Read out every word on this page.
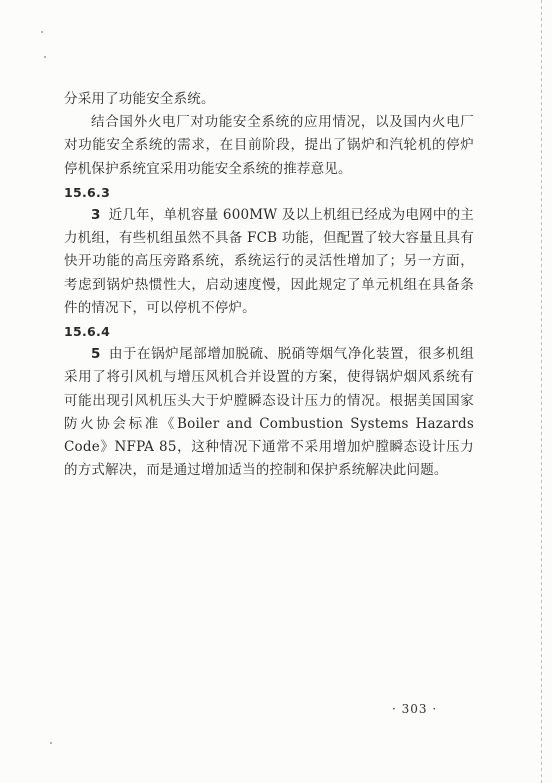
分采用了功能安全系统。

结合国外火电厂对功能安全系统的应用情况，以及国内火电厂对功能安全系统的需求，在目前阶段，提出了锅炉和汽轮机的停炉停机保护系统宜采用功能安全系统的推荐意见。

15.6.3

3 近几年，单机容量 600MW 及以上机组已经成为电网中的主力机组，有些机组虽然不具备 FCB 功能，但配置了较大容量且具有快开功能的高压旁路系统，系统运行的灵活性增加了；另一方面，考虑到锅炉热惯性大，启动速度慢，因此规定了单元机组在具备条件的情况下，可以停机不停炉。

15.6.4

5 由于在锅炉尾部增加脱硫、脱硝等烟气净化装置，很多机组采用了将引风机与增压风机合并设置的方案，使得锅炉烟风系统有可能出现引风机压头大于炉膛瞬态设计压力的情况。根据美国国家防火协会标准《Boiler and Combustion Systems Hazards Code》NFPA 85，这种情况下通常不采用增加炉膛瞬态设计压力的方式解决，而是通过增加适当的控制和保护系统解决此问题。

· 303 ·
